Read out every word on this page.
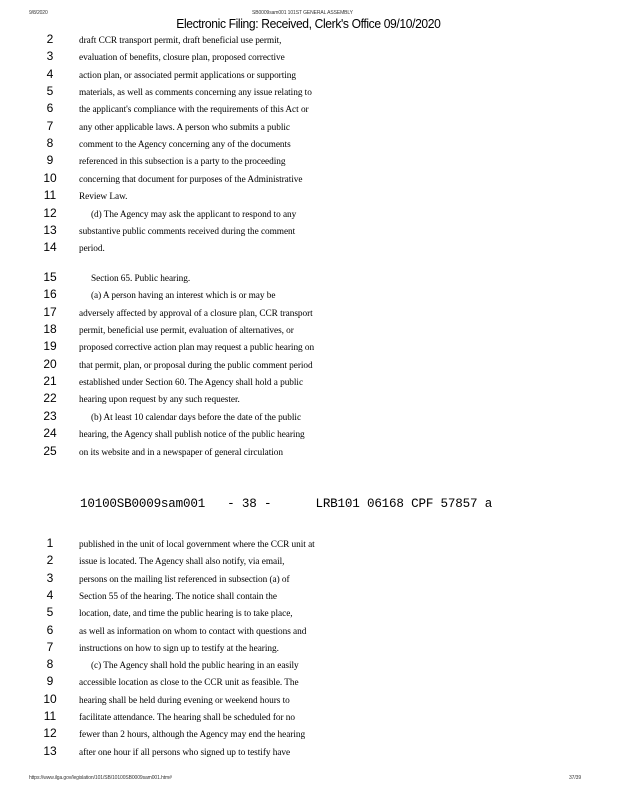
9/8/2020	SB0009sam001 101ST GENERAL ASSEMBLY
Electronic Filing: Received, Clerk's Office 09/10/2020
2	draft CCR transport permit, draft beneficial use permit,
3	evaluation of benefits, closure plan, proposed corrective
4	action plan, or associated permit applications or supporting
5	materials, as well as comments concerning any issue relating to
6	the applicant's compliance with the requirements of this Act or
7	any other applicable laws. A person who submits a public
8	comment to the Agency concerning any of the documents
9	referenced in this subsection is a party to the proceeding
10	concerning that document for purposes of the Administrative
11	Review Law.
12	(d) The Agency may ask the applicant to respond to any
13	substantive public comments received during the comment
14	period.
15	Section 65. Public hearing.
16	(a) A person having an interest which is or may be
17	adversely affected by approval of a closure plan, CCR transport
18	permit, beneficial use permit, evaluation of alternatives, or
19	proposed corrective action plan may request a public hearing on
20	that permit, plan, or proposal during the public comment period
21	established under Section 60. The Agency shall hold a public
22	hearing upon request by any such requester.
23	(b) At least 10 calendar days before the date of the public
24	hearing, the Agency shall publish notice of the public hearing
25	on its website and in a newspaper of general circulation
10100SB0009sam001 - 38 -	LRB101 06168 CPF 57857 a
1	published in the unit of local government where the CCR unit at
2	issue is located. The Agency shall also notify, via email,
3	persons on the mailing list referenced in subsection (a) of
4	Section 55 of the hearing. The notice shall contain the
5	location, date, and time the public hearing is to take place,
6	as well as information on whom to contact with questions and
7	instructions on how to sign up to testify at the hearing.
8	(c) The Agency shall hold the public hearing in an easily
9	accessible location as close to the CCR unit as feasible. The
10	hearing shall be held during evening or weekend hours to
11	facilitate attendance. The hearing shall be scheduled for no
12	fewer than 2 hours, although the Agency may end the hearing
13	after one hour if all persons who signed up to testify have
https://www.ilga.gov/legislation/101/SB/10100SB0009sam001.htm#	37/39
